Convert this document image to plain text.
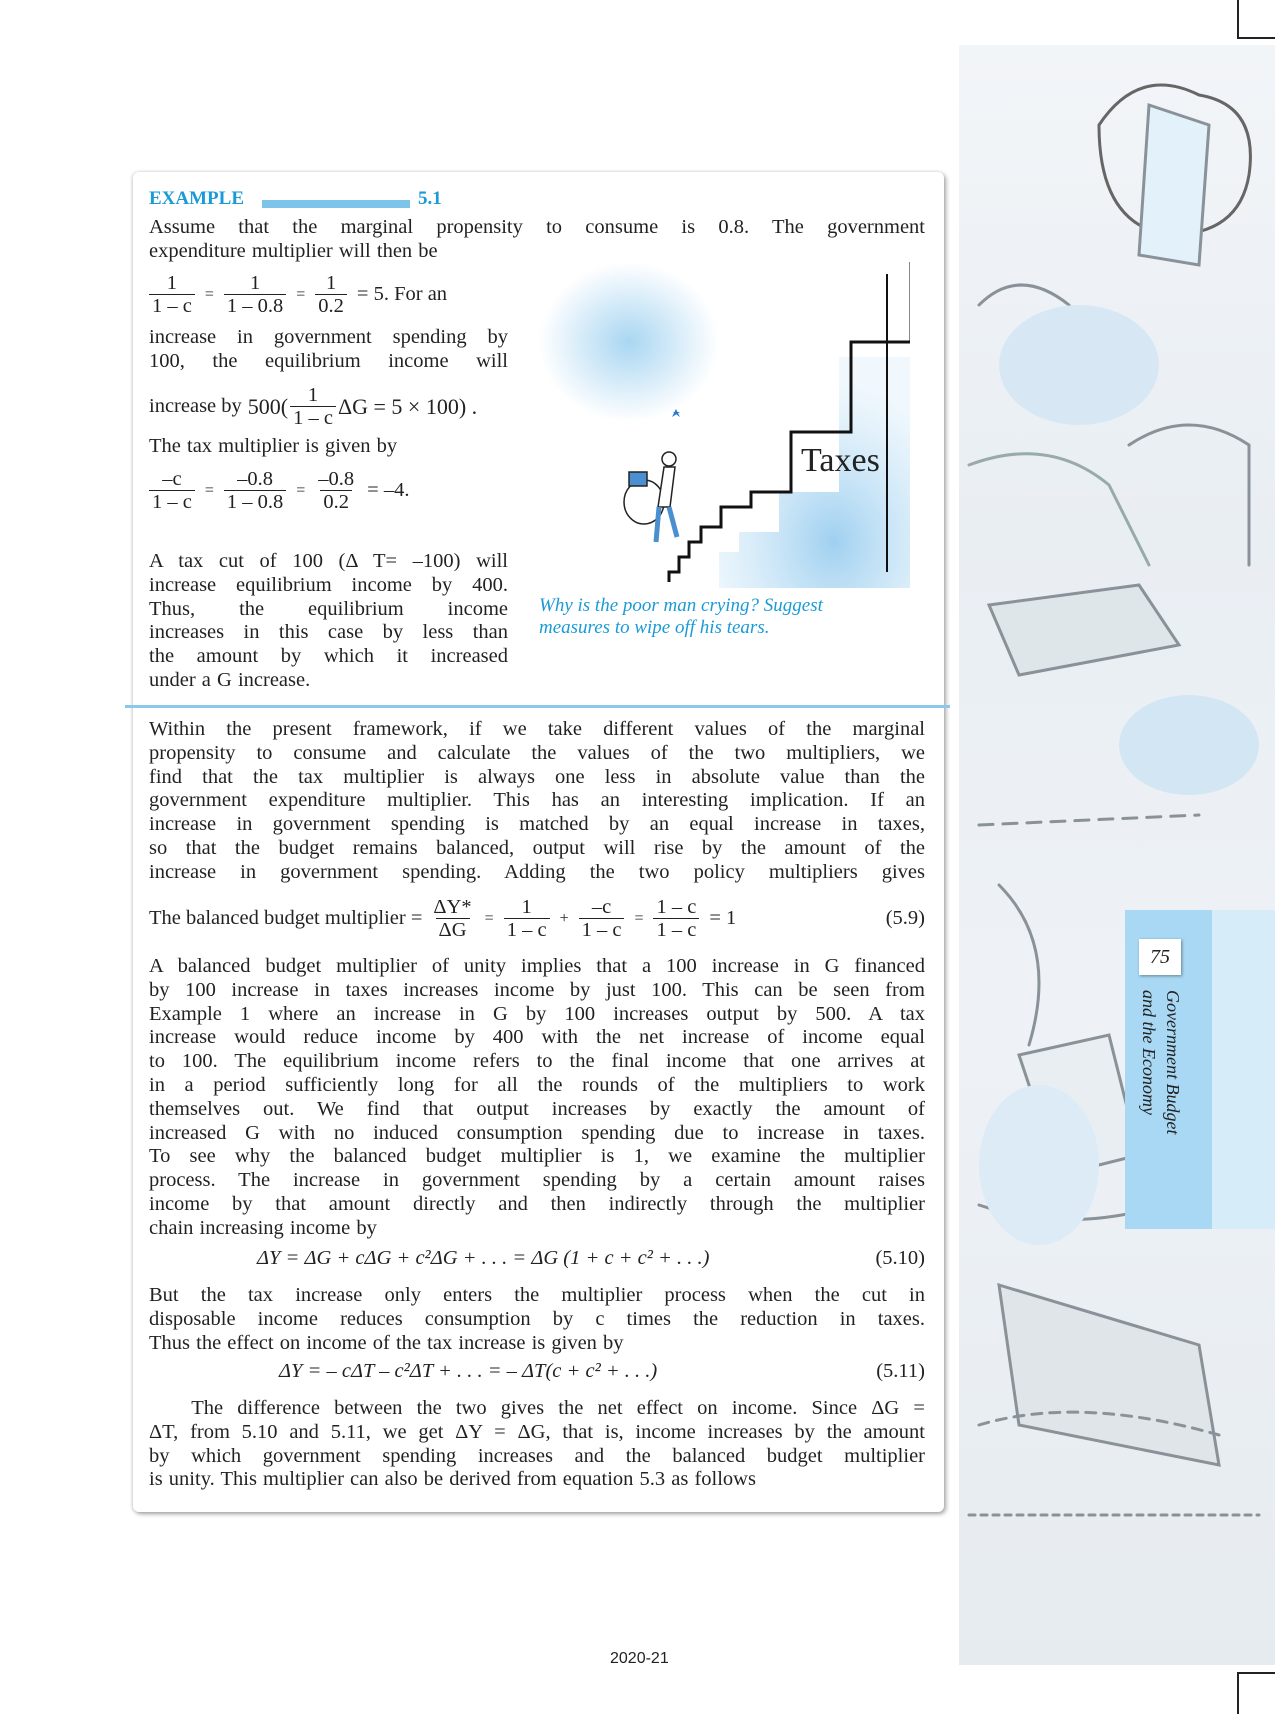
75
Government Budget
and the Economy
EXAMPLE	5.1
Assume that the marginal propensity to consume is 0.8. The government
expenditure multiplier will then be
$\frac{1}{1 - c} = \frac{1}{1 - 0.8} = \frac{1}{0.2} = 5$. For an
increase in government spending by
100, the equilibrium income will
increase by $500( \frac{1}{1 - c}$ ΔG = 5 × 100) .
The tax multiplier is given by
$\frac{-c}{1 - c} = \frac{-0.8}{1 - 0.8} = \frac{-0.8}{0.2} = -4$.
A tax cut of 100 (Δ T= –100) will
increase equilibrium income by 400.
Thus, the equilibrium income
increases in this case by less than
the amount by which it increased
under a G increase.
Taxes
Why is the poor man crying? Suggest
measures to wipe off his tears.
Within the present framework, if we take different values of the marginal
propensity to consume and calculate the values of the two multipliers, we
find that the tax multiplier is always one less in absolute value than the
government expenditure multiplier. This has an interesting implication. If an
increase in government spending is matched by an equal increase in taxes,
so that the budget remains balanced, output will rise by the amount of the
increase in government spending. Adding the two policy multipliers gives
The balanced budget multiplier = $\frac{\Delta Y*}{\Delta G} = \frac{1}{1 - c} + \frac{-c}{1 - c} = \frac{1 - c}{1 - c} = 1$	(5.9)
A balanced budget multiplier of unity implies that a 100 increase in G financed
by 100 increase in taxes increases income by just 100. This can be seen from
Example 1 where an increase in G by 100 increases output by 500. A tax
increase would reduce income by 400 with the net increase of income equal
to 100. The equilibrium income refers to the final income that one arrives at
in a period sufficiently long for all the rounds of the multipliers to work
themselves out. We find that output increases by exactly the amount of
increased G with no induced consumption spending due to increase in taxes.
To see why the balanced budget multiplier is 1, we examine the multiplier
process. The increase in government spending by a certain amount raises
income by that amount directly and then indirectly through the multiplier
chain increasing income by
ΔY = ΔG + cΔG + c²ΔG + . . . = ΔG (1 + c + c² + . . .)	(5.10)
But the tax increase only enters the multiplier process when the cut in
disposable income reduces consumption by c times the reduction in taxes.
Thus the effect on income of the tax increase is given by
ΔY = – cΔT – c²ΔT + . . . = – ΔT(c + c² + . . .)	(5.11)
The difference between the two gives the net effect on income. Since ΔG =
ΔT, from 5.10 and 5.11, we get ΔY = ΔG, that is, income increases by the amount
by which government spending increases and the balanced budget multiplier
is unity. This multiplier can also be derived from equation 5.3 as follows
2020-21
